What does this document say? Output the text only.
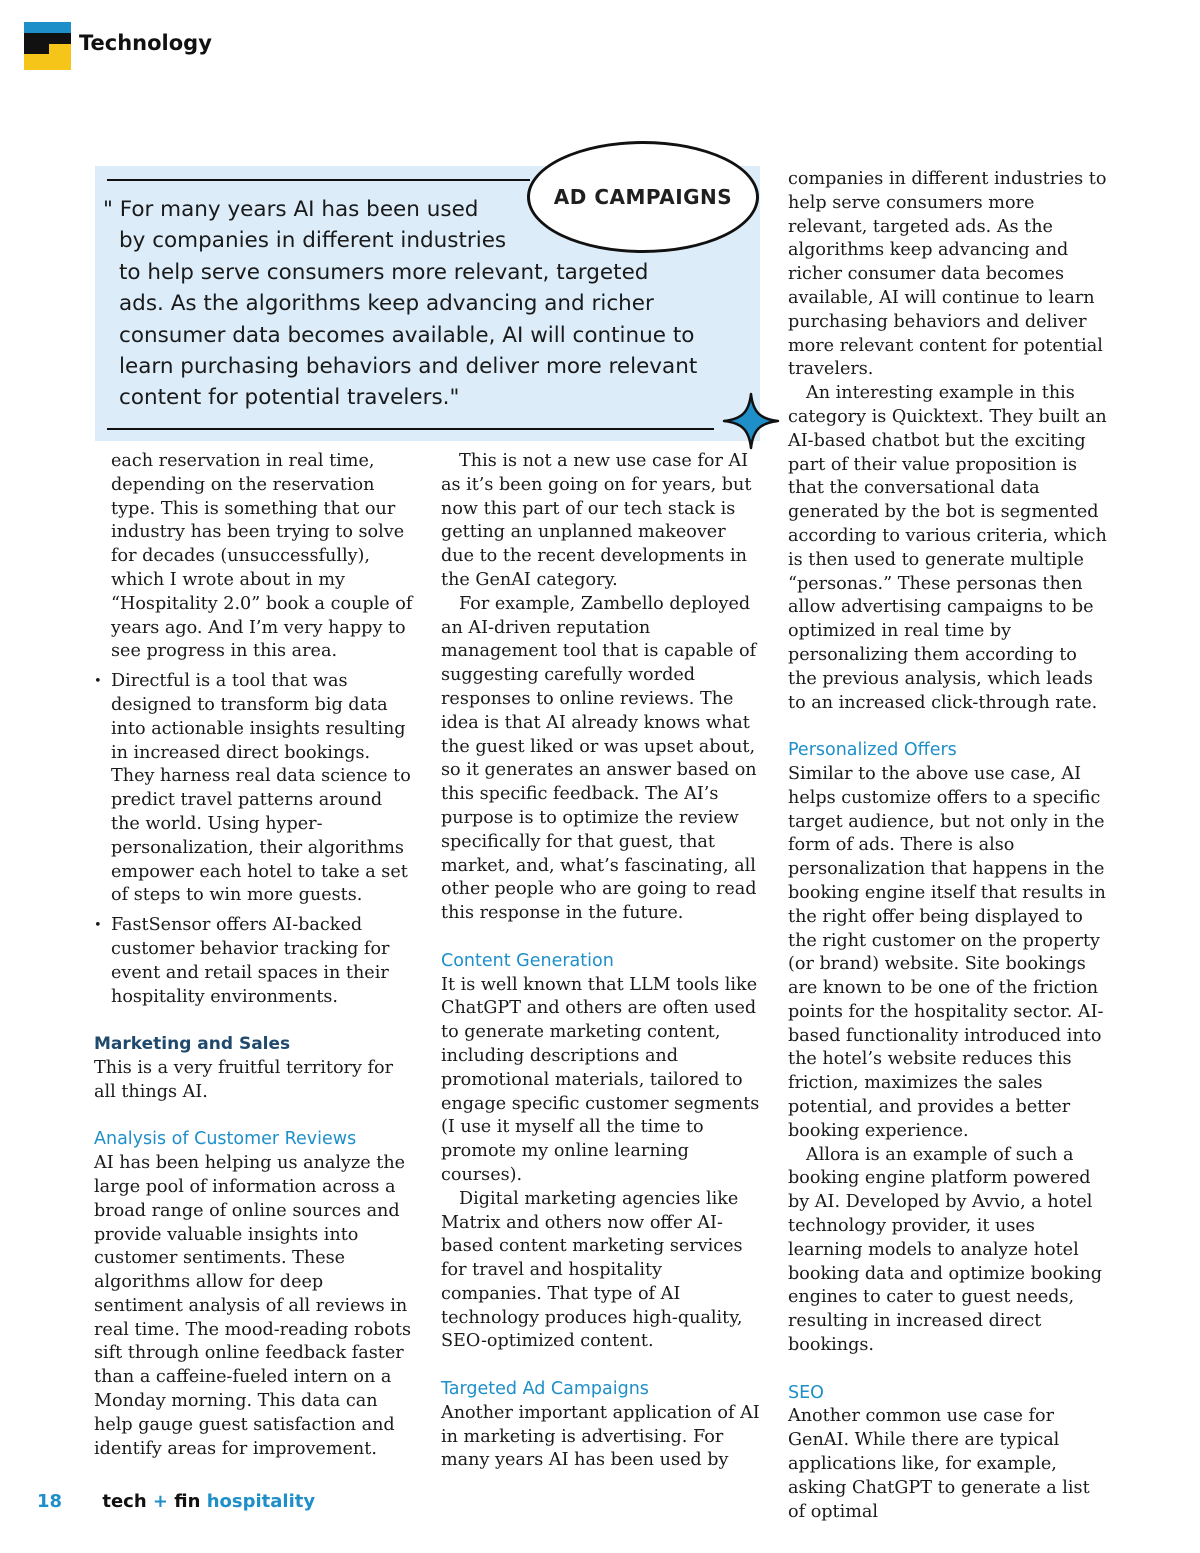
Technology
" For many years AI has been used
by companies in different industries
to help serve consumers more relevant, targeted
ads. As the algorithms keep advancing and richer
consumer data becomes available, AI will continue to
learn purchasing behaviors and deliver more relevant
content for potential travelers."
AD CAMPAIGNS

each reservation in real time, depending on the reservation type. This is something that our industry has been trying to solve for decades (unsuccessfully), which I wrote about in my “Hospitality 2.0” book a couple of years ago. And I’m very happy to see progress in this area.

• Directful is a tool that was designed to transform big data into actionable insights resulting in increased direct bookings. They harness real data science to predict travel patterns around the world. Using hyper-personalization, their algorithms empower each hotel to take a set of steps to win more guests.
• FastSensor offers AI-backed customer behavior tracking for event and retail spaces in their hospitality environments.
Marketing and Sales

This is a very fruitful territory for all things AI.

Analysis of Customer Reviews

AI has been helping us analyze the large pool of information across a broad range of online sources and provide valuable insights into customer sentiments. These algorithms allow for deep sentiment analysis of all reviews in real time. The mood-reading robots sift through online feedback faster than a caffeine-fueled intern on a Monday morning. This data can help gauge guest satisfaction and identify areas for improvement.

This is not a new use case for AI as it’s been going on for years, but now this part of our tech stack is getting an unplanned makeover due to the recent developments in the GenAI category.

For example, Zambello deployed an AI-driven reputation management tool that is capable of suggesting carefully worded responses to online reviews. The idea is that AI already knows what the guest liked or was upset about, so it generates an answer based on this specific feedback. The AI’s purpose is to optimize the review specifically for that guest, that market, and, what’s fascinating, all other people who are going to read this response in the future.

Content Generation

It is well known that LLM tools like ChatGPT and others are often used to generate marketing content, including descriptions and promotional materials, tailored to engage specific customer segments (I use it myself all the time to promote my online learning courses).

Digital marketing agencies like Matrix and others now offer AI-based content marketing services for travel and hospitality companies. That type of AI technology produces high-quality, SEO-optimized content.

Targeted Ad Campaigns

Another important application of AI in marketing is advertising. For many years AI has been used by

companies in different industries to help serve consumers more relevant, targeted ads. As the algorithms keep advancing and richer consumer data becomes available, AI will continue to learn purchasing behaviors and deliver more relevant content for potential travelers.

An interesting example in this category is Quicktext. They built an AI-based chatbot but the exciting part of their value proposition is that the conversational data generated by the bot is segmented according to various criteria, which is then used to generate multiple “personas.” These personas then allow advertising campaigns to be optimized in real time by personalizing them according to the previous analysis, which leads to an increased click-through rate.

Personalized Offers

Similar to the above use case, AI helps customize offers to a specific target audience, but not only in the form of ads. There is also personalization that happens in the booking engine itself that results in the right offer being displayed to the right customer on the property (or brand) website. Site bookings are known to be one of the friction points for the hospitality sector. AI-based functionality introduced into the hotel’s website reduces this friction, maximizes the sales potential, and provides a better booking experience.

Allora is an example of such a booking engine platform powered by AI. Developed by Avvio, a hotel technology provider, it uses learning models to analyze hotel booking data and optimize booking engines to cater to guest needs, resulting in increased direct bookings.

SEO

Another common use case for GenAI. While there are typical applications like, for example, asking ChatGPT to generate a list of optimal

18 tech + fin hospitality
